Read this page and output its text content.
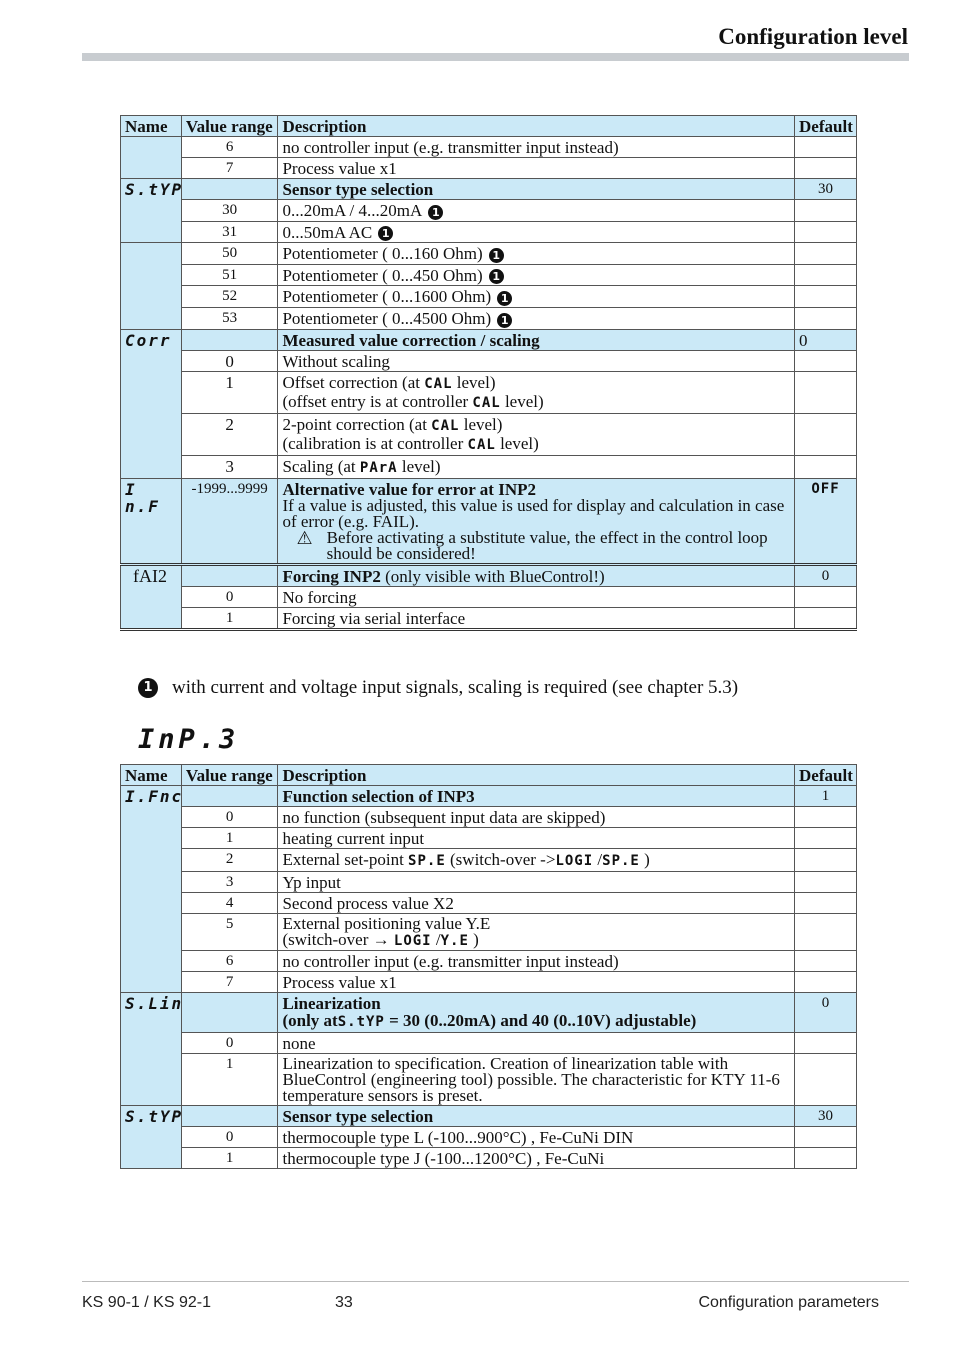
Configuration level
Name	Value range	Description	Default
	6	no controller input (e.g. transmitter input instead)	
	7	Process value x1	
S.tYP		Sensor type selection	30
	30	0...20mA / 4...20mA 1	
	31	0...50mA AC 1	
	50	Potentiometer ( 0...160 Ohm) 1	
	51	Potentiometer ( 0...450 Ohm) 1	
	52	Potentiometer ( 0...1600 Ohm) 1	
	53	Potentiometer ( 0...4500 Ohm) 1	
Corr		Measured value correction / scaling	0
	0	Without scaling	
	1	Offset correction (at CAL level)
(offset entry is at controller CAL level)	

	2	2-point correction (at CAL level)
(calibration is at controller CAL level)	

	3	Scaling (at PArA level)	
I n.F	-1999...9999	Alternative value for error at INP2
If a value is adjusted, this value is used for display and calculation in case of error (e.g. FAIL).
⚠ Before activating a substitute value, the effect in the control loop should be considered!	OFF
fAI2		Forcing INP2 (only visible with BlueControl!)	0
	0	No forcing	
	1	Forcing via serial interface	
1 with current and voltage input signals, scaling is required (see chapter 5.3)
InP.3
Name	Value range	Description	Default
I.Fnc		Function selection of INP3	1
	0	no function (subsequent input data are skipped)	
	1	heating current input	
	2	External set-point SP.E (switch-over ->LOGI /SP.E )	
	3	Yp input	
	4	Second process value X2	
	5	External positioning value Y.E
(switch-over → LOGI /Y.E )	

	6	no controller input (e.g. transmitter input instead)	
	7	Process value x1	
S.Lin		Linearization
(only atS.tYP = 30 (0..20mA) and 40 (0..10V) adjustable)	0
	0	none	
	1	Linearization to specification. Creation of linearization table with BlueControl (engineering tool) possible. The characteristic for KTY 11-6 temperature sensors is preset.	
S.tYP		Sensor type selection	30
	0	thermocouple type L (-100...900°C) , Fe-CuNi DIN	
	1	thermocouple type J (-100...1200°C) , Fe-CuNi	
KS 90-1 / KS 92-1	33	Configuration parameters
